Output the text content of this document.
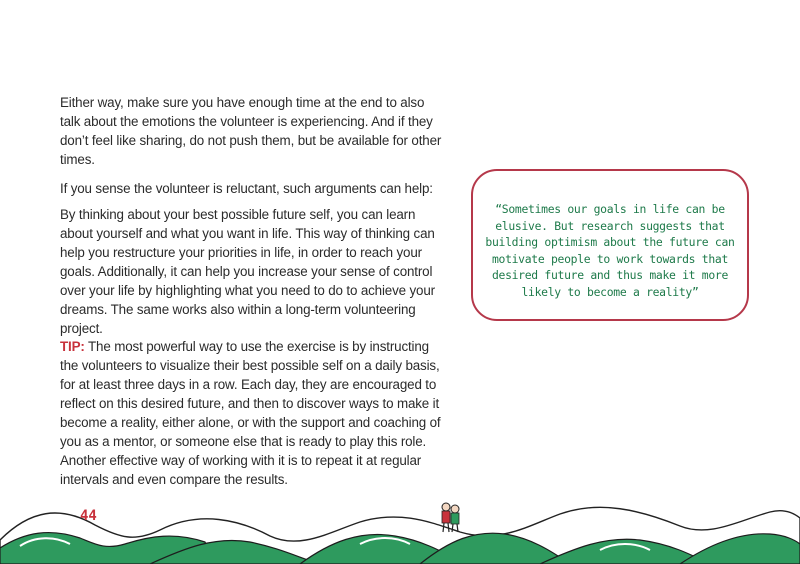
Either way, make sure you have enough time at the end to also talk about the emotions the volunteer is experiencing. And if they don’t feel like sharing, do not push them, but be available for other times.

If you sense the volunteer is reluctant, such arguments can help:

By thinking about your best possible future self, you can learn about yourself and what you want in life. This way of thinking can help you restructure your priorities in life, in order to reach your goals. Additionally, it can help you increase your sense of control over your life by highlighting what you need to do to achieve your dreams. The same works also within a long-term volunteering project.

TIP: The most powerful way to use the exercise is by instructing the volunteers to visualize their best possible self on a daily basis, for at least three days in a row. Each day, they are encouraged to reflect on this desired future, and then to discover ways to make it become a reality, either alone, or with the support and coaching of you as a mentor, or someone else that is ready to play this role. Another effective way of working with it is to repeat it at regular intervals and even compare the results.

“Sometimes our goals in life can be elusive. But research suggests that building optimism about the future can motivate people to work towards that desired future and thus make it more likely to become a reality”
44
